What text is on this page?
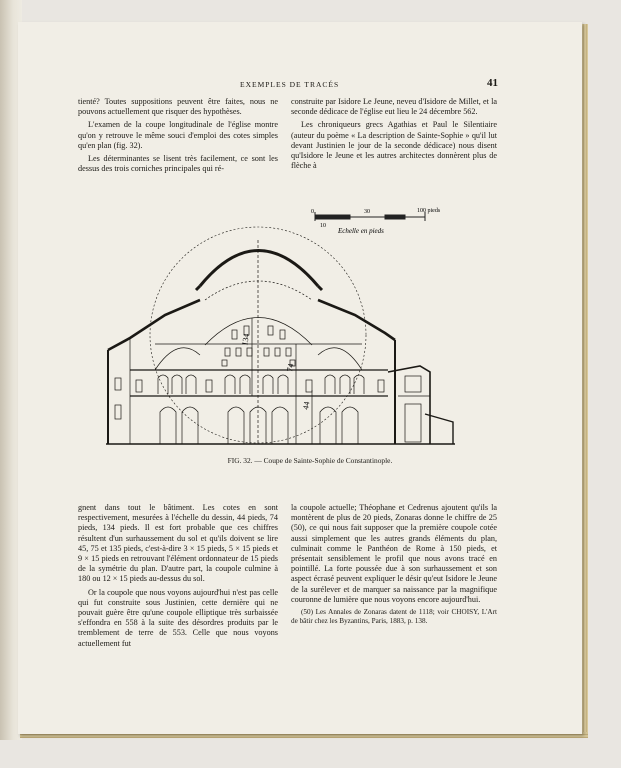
EXEMPLES DE TRACÉS	41

tienté? Toutes suppositions peuvent être faites, nous ne pouvons actuellement que risquer des hypothèses.

L'examen de la coupe longitudinale de l'église montre qu'on y retrouve le même souci d'emploi des cotes simples qu'en plan (fig. 32).

Les déterminantes se lisent très facilement, ce sont les dessus des trois corniches principales qui ré-

construite par Isidore Le Jeune, neveu d'Isidore de Millet, et la seconde dédicace de l'église eut lieu le 24 décembre 562.

Les chroniqueurs grecs Agathias et Paul le Silentiaire (auteur du poème « La description de Sainte-Sophie » qu'il lut devant Justinien le jour de la seconde dédicace) nous disent qu'Isidore le Jeune et les autres architectes donnèrent plus de flèche à

0	30	100 pieds
10
Echelle en pieds
134
74
44
FIG. 32. — Coupe de Sainte-Sophie de Constantinople.

gnent dans tout le bâtiment. Les cotes en sont respectivement, mesurées à l'échelle du dessin, 44 pieds, 74 pieds, 134 pieds. Il est fort probable que ces chiffres résultent d'un surhaussement du sol et qu'ils doivent se lire 45, 75 et 135 pieds, c'est-à-dire 3 × 15 pieds, 5 × 15 pieds et 9 × 15 pieds en retrouvant l'élément ordonnateur de 15 pieds de la symétrie du plan. D'autre part, la coupole culmine à 180 ou 12 × 15 pieds au-dessus du sol.

Or la coupole que nous voyons aujourd'hui n'est pas celle qui fut construite sous Justinien, cette dernière qui ne pouvait guère être qu'une coupole elliptique très surbaissée s'effondra en 558 à la suite des désordres produits par le tremblement de terre de 553. Celle que nous voyons actuellement fut

la coupole actuelle; Théophane et Cedrenus ajoutent qu'ils la montèrent de plus de 20 pieds, Zonaras donne le chiffre de 25 (50), ce qui nous fait supposer que la première coupole cotée aussi simplement que les autres grands éléments du plan, culminait comme le Panthéon de Rome à 150 pieds, et présentait sensiblement le profil que nous avons tracé en pointillé. La forte poussée due à son surhaussement et son aspect écrasé peuvent expliquer le désir qu'eut Isidore le Jeune de la surélever et de marquer sa naissance par la magnifique couronne de lumière que nous voyons encore aujourd'hui.

(50) Les Annales de Zonaras datent de 1118; voir CHOISY, L'Art de bâtir chez les Byzantins, Paris, 1883, p. 138.
